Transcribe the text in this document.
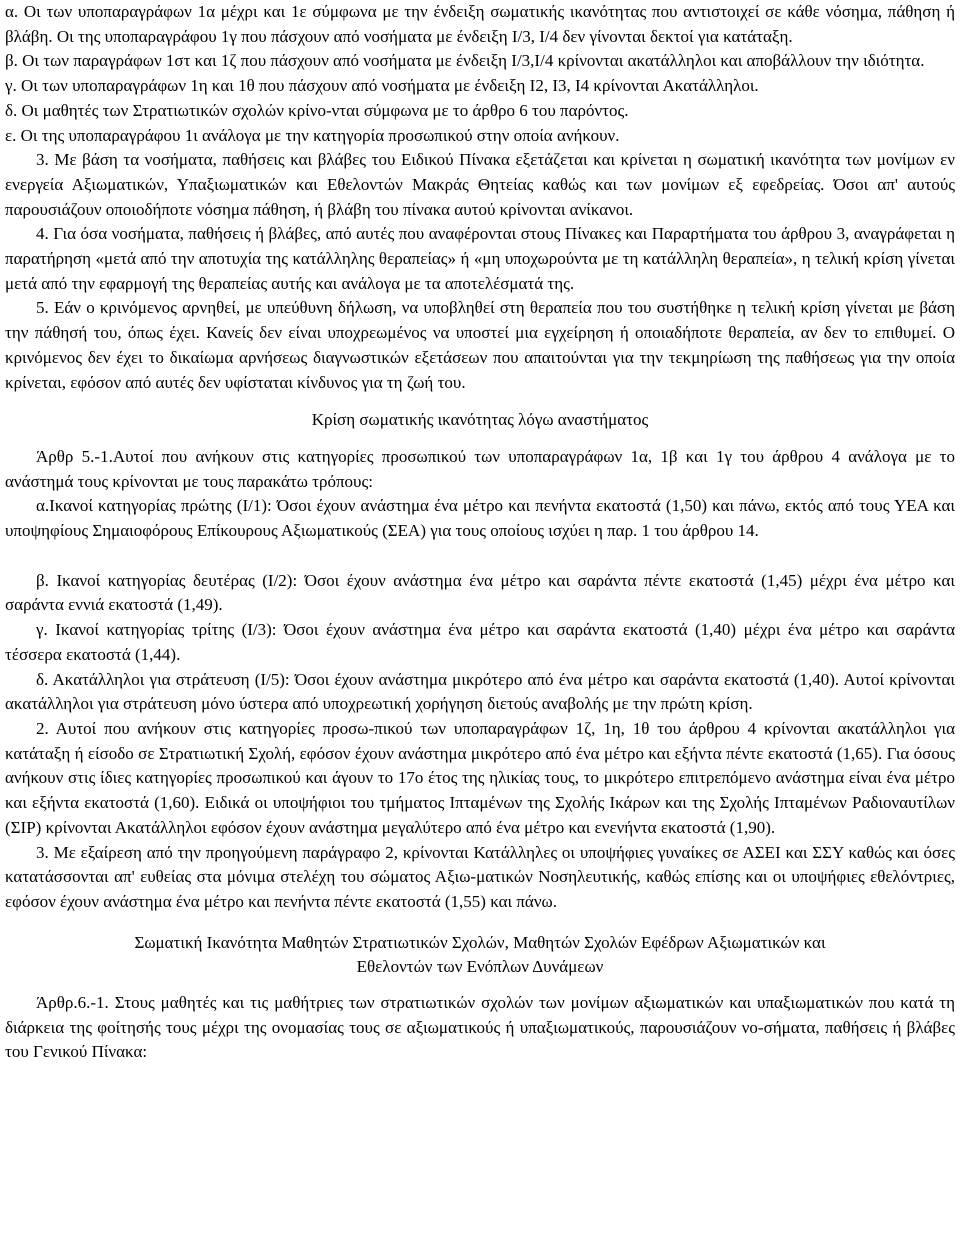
α. Οι των υποπαραγράφων 1α μέχρι και 1ε σύμφωνα με την ένδειξη σωματικής ικανότητας που αντιστοιχεί σε κάθε νόσημα, πάθηση ή βλάβη. Οι της υποπαραγράφου 1γ που πάσχουν από νοσήματα με ένδειξη Ι/3, Ι/4 δεν γίνονται δεκτοί για κατάταξη.

β. Οι των παραγράφων 1στ και 1ζ που πάσχουν από νοσήματα με ένδειξη Ι/3,Ι/4 κρίνονται ακατάλληλοι και αποβάλλουν την ιδιότητα.

γ. Οι των υποπαραγράφων 1η και 1θ που πάσχουν από νοσήματα με ένδειξη Ι2, Ι3, Ι4 κρίνονται Ακατάλληλοι.

δ. Οι μαθητές των Στρατιωτικών σχολών κρίνο-νται σύμφωνα με το άρθρο 6 του παρόντος.

ε. Οι της υποπαραγράφου 1ι ανάλογα με την κατηγορία προσωπικού στην οποία ανήκουν.

3. Με βάση τα νοσήματα, παθήσεις και βλάβες του Ειδικού Πίνακα εξετάζεται και κρίνεται η σωματική ικανότητα των μονίμων εν ενεργεία Αξιωματικών, Υπαξιωματικών και Εθελοντών Μακράς Θητείας καθώς και των μονίμων εξ εφεδρείας. Όσοι απ' αυτούς παρουσιάζουν οποιοδήποτε νόσημα πάθηση, ή βλάβη του πίνακα αυτού κρίνονται ανίκανοι.

4. Για όσα νοσήματα, παθήσεις ή βλάβες, από αυτές που αναφέρονται στους Πίνακες και Παραρτήματα του άρθρου 3, αναγράφεται η παρατήρηση «μετά από την αποτυχία της κατάλληλης θεραπείας» ή «μη υποχωρούντα με τη κατάλληλη θεραπεία», η τελική κρίση γίνεται μετά από την εφαρμογή της θεραπείας αυτής και ανάλογα με τα αποτελέσματά της.

5. Εάν ο κρινόμενος αρνηθεί, με υπεύθυνη δήλωση, να υποβληθεί στη θεραπεία που του συστήθηκε η τελική κρίση γίνεται με βάση την πάθησή του, όπως έχει. Κανείς δεν είναι υποχρεωμένος να υποστεί μια εγχείρηση ή οποιαδήποτε θεραπεία, αν δεν το επιθυμεί. Ο κρινόμενος δεν έχει το δικαίωμα αρνήσεως διαγνωστικών εξετάσεων που απαιτούνται για την τεκμηρίωση της παθήσεως για την οποία κρίνεται, εφόσον από αυτές δεν υφίσταται κίνδυνος για τη ζωή του.

Κρίση σωματικής ικανότητας λόγω αναστήματος

Άρθρ 5.-1.Αυτοί που ανήκουν στις κατηγορίες προσωπικού των υποπαραγράφων 1α, 1β και 1γ του άρθρου 4 ανάλογα με το ανάστημά τους κρίνονται με τους παρακάτω τρόπους:

α.Ικανοί κατηγορίας πρώτης (Ι/1): Όσοι έχουν ανάστημα ένα μέτρο και πενήντα εκατοστά (1,50) και πάνω, εκτός από τους ΥΕΑ και υποψηφίους Σημαιοφόρους Επίκουρους Αξιωματικούς (ΣΕΑ) για τους οποίους ισχύει η παρ. 1 του άρθρου 14.

β. Ικανοί κατηγορίας δευτέρας (Ι/2): Όσοι έχουν ανάστημα ένα μέτρο και σαράντα πέντε εκατοστά (1,45) μέχρι ένα μέτρο και σαράντα εννιά εκατοστά (1,49).

γ. Ικανοί κατηγορίας τρίτης (Ι/3): Όσοι έχουν ανάστημα ένα μέτρο και σαράντα εκατοστά (1,40) μέχρι ένα μέτρο και σαράντα τέσσερα εκατοστά (1,44).

δ. Ακατάλληλοι για στράτευση (Ι/5): Όσοι έχουν ανάστημα μικρότερο από ένα μέτρο και σαράντα εκατοστά (1,40). Αυτοί κρίνονται ακατάλληλοι για στράτευση μόνο ύστερα από υποχρεωτική χορήγηση διετούς αναβολής με την πρώτη κρίση.

2. Αυτοί που ανήκουν στις κατηγορίες προσω-πικού των υποπαραγράφων 1ζ, 1η, 1θ του άρθρου 4 κρίνονται ακατάλληλοι για κατάταξη ή είσοδο σε Στρατιωτική Σχολή, εφόσον έχουν ανάστημα μικρότερο από ένα μέτρο και εξήντα πέντε εκατοστά (1,65). Για όσους ανήκουν στις ίδιες κατηγορίες προσωπικού και άγουν το 17ο έτος της ηλικίας τους, το μικρότερο επιτρεπόμενο ανάστημα είναι ένα μέτρο και εξήντα εκατοστά (1,60). Ειδικά οι υποψήφιοι του τμήματος Ιπταμένων της Σχολής Ικάρων και της Σχολής Ιπταμένων Ραδιοναυτίλων (ΣΙΡ) κρίνονται Ακατάλληλοι εφόσον έχουν ανάστημα μεγαλύτερο από ένα μέτρο και ενενήντα εκατοστά (1,90).

3. Με εξαίρεση από την προηγούμενη παράγραφο 2, κρίνονται Κατάλληλες οι υποψήφιες γυναίκες σε ΑΣΕΙ και ΣΣΥ καθώς και όσες κατατάσσονται απ' ευθείας στα μόνιμα στελέχη του σώματος Αξιω-ματικών Νοσηλευτικής, καθώς επίσης και οι υποψήφιες εθελόντριες, εφόσον έχουν ανάστημα ένα μέτρο και πενήντα πέντε εκατοστά (1,55) και πάνω.

Σωματική Ικανότητα Μαθητών Στρατιωτικών Σχολών, Μαθητών Σχολών Εφέδρων Αξιωματικών και

Εθελοντών των Ενόπλων Δυνάμεων

Άρθρ.6.-1. Στους μαθητές και τις μαθήτριες των στρατιωτικών σχολών των μονίμων αξιωματικών και υπαξιωματικών που κατά τη διάρκεια της φοίτησής τους μέχρι της ονομασίας τους σε αξιωματικούς ή υπαξιωματικούς, παρουσιάζουν νο-σήματα, παθήσεις ή βλάβες του Γενικού Πίνακα:
